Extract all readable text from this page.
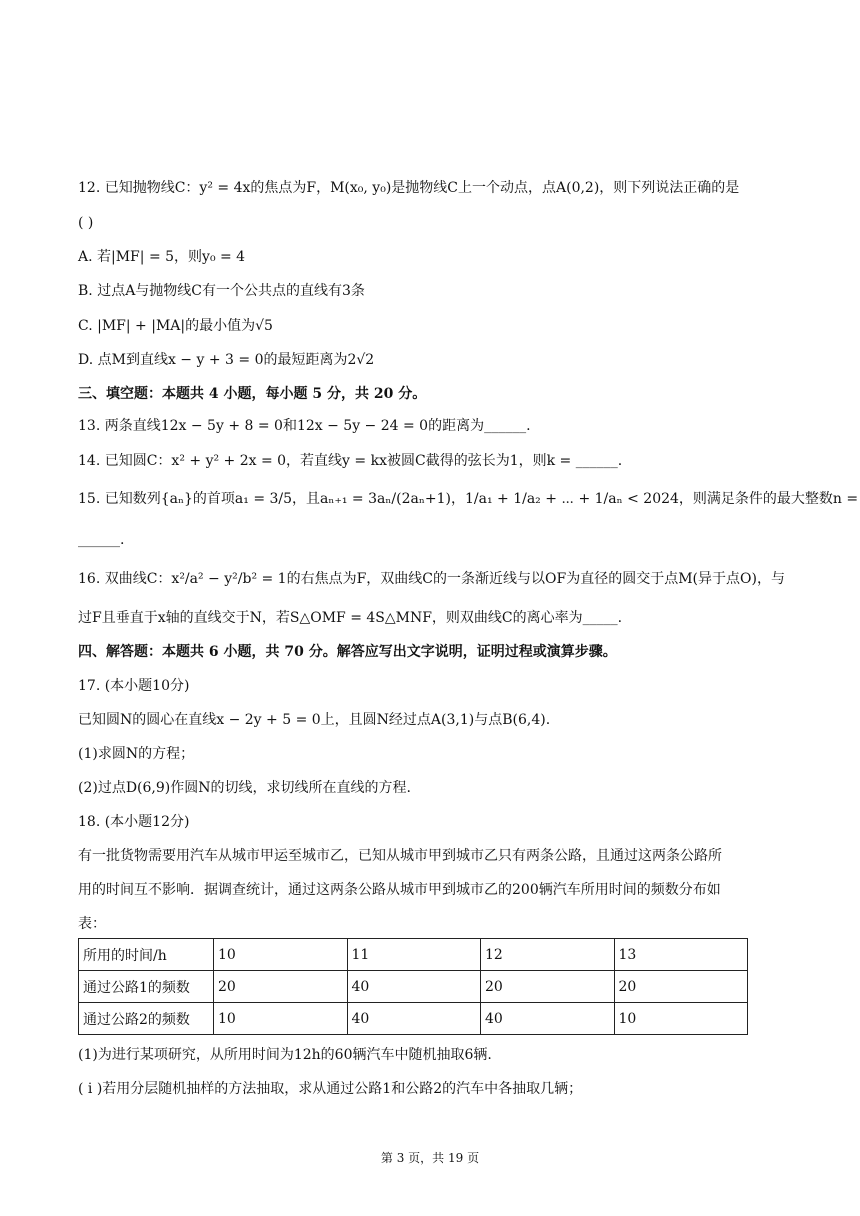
12. 已知抛物线C：y² = 4x的焦点为F，M(x₀, y₀)是抛物线C上一个动点，点A(0,2)，则下列说法正确的是
( )
A. 若|MF| = 5，则y₀ = 4
B. 过点A与抛物线C有一个公共点的直线有3条
C. |MF| + |MA|的最小值为√5
D. 点M到直线x − y + 3 = 0的最短距离为2√2
三、填空题：本题共 4 小题，每小题 5 分，共 20 分。
13. 两条直线12x − 5y + 8 = 0和12x − 5y − 24 = 0的距离为______.
14. 已知圆C：x² + y² + 2x = 0，若直线y = kx被圆C截得的弦长为1，则k = ______.
15. 已知数列{aₙ}的首项a₁ = 3/5，且aₙ₊₁ = 3aₙ/(2aₙ+1)，1/a₁ + 1/a₂ + ⋯ + 1/aₙ < 2024，则满足条件的最大整数n =
______.
16. 双曲线C：x²/a² − y²/b² = 1的右焦点为F，双曲线C的一条渐近线与以OF为直径的圆交于点M(异于点O)，与
过F且垂直于x轴的直线交于N，若S△OMF = 4S△MNF，则双曲线C的离心率为_____.
四、解答题：本题共 6 小题，共 70 分。解答应写出文字说明，证明过程或演算步骤。
17. (本小题10分)
已知圆N的圆心在直线x − 2y + 5 = 0上，且圆N经过点A(3,1)与点B(6,4).
(1)求圆N的方程；
(2)过点D(6,9)作圆N的切线，求切线所在直线的方程.
18. (本小题12分)
有一批货物需要用汽车从城市甲运至城市乙，已知从城市甲到城市乙只有两条公路，且通过这两条公路所
用的时间互不影响．据调查统计，通过这两条公路从城市甲到城市乙的200辆汽车所用时间的频数分布如
表：
所用的时间/h	10	11	12	13
通过公路1的频数	20	40	20	20
通过公路2的频数	10	40	40	10
(1)为进行某项研究，从所用时间为12h的60辆汽车中随机抽取6辆.
( i )若用分层随机抽样的方法抽取，求从通过公路1和公路2的汽车中各抽取几辆；
第 3 页，共 19 页
